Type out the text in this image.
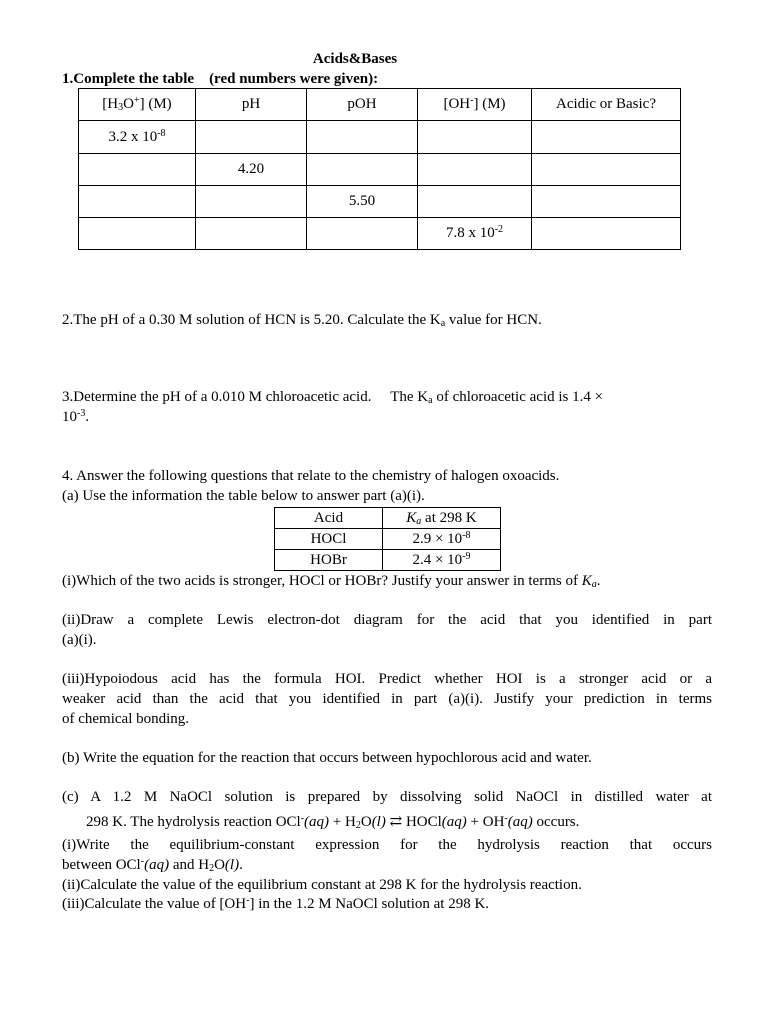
Acids&Bases
1.Complete the table (red numbers were given):
$[H_3O^+]$ (M)	pH	pOH	[OH-] (M)	Acidic or Basic?
3.2 x $10^{-8}$				
	4.20			
		5.50		
			7.8 x $10^{-2}$	
2.The pH of a 0.30 M solution of HCN is 5.20. Calculate the $K_a$ value for HCN.
3.Determine the pH of a 0.010 M chloroacetic acid. The $K_a$ of chloroacetic acid is 1.4 ×
$10^{-3}$.
4. Answer the following questions that relate to the chemistry of halogen oxoacids.
(a) Use the information the table below to answer part (a)(i).
Acid	$K_a$ at 298 K
HOCl	$2.9 \times 10^{-8}$
HOBr	$2.4 \times 10^{-9}$
(i)Which of the two acids is stronger, HOCl or HOBr? Justify your answer in terms of $K_a$.
(ii)Draw a complete Lewis electron-dot diagram for the acid that you identified in part
(a)(i).
(iii)Hypoiodous acid has the formula HOI. Predict whether HOI is a stronger acid or a
weaker acid than the acid that you identified in part (a)(i). Justify your prediction in terms
of chemical bonding.
(b) Write the equation for the reaction that occurs between hypochlorous acid and water.
(c) A 1.2 M NaOCl solution is prepared by dissolving solid NaOCl in distilled water at
298 K. The hydrolysis reaction $OCl^-(aq) + H_2O(l)$ ⇄ HOCl(aq) + OH-(aq) occurs.
(i)Write the equilibrium-constant expression for the hydrolysis reaction that occurs
between OCl-(aq) and $H_2O(l)$.
(ii)Calculate the value of the equilibrium constant at 298 K for the hydrolysis reaction.
(iii)Calculate the value of [OH-] in the 1.2 M NaOCl solution at 298 K.
